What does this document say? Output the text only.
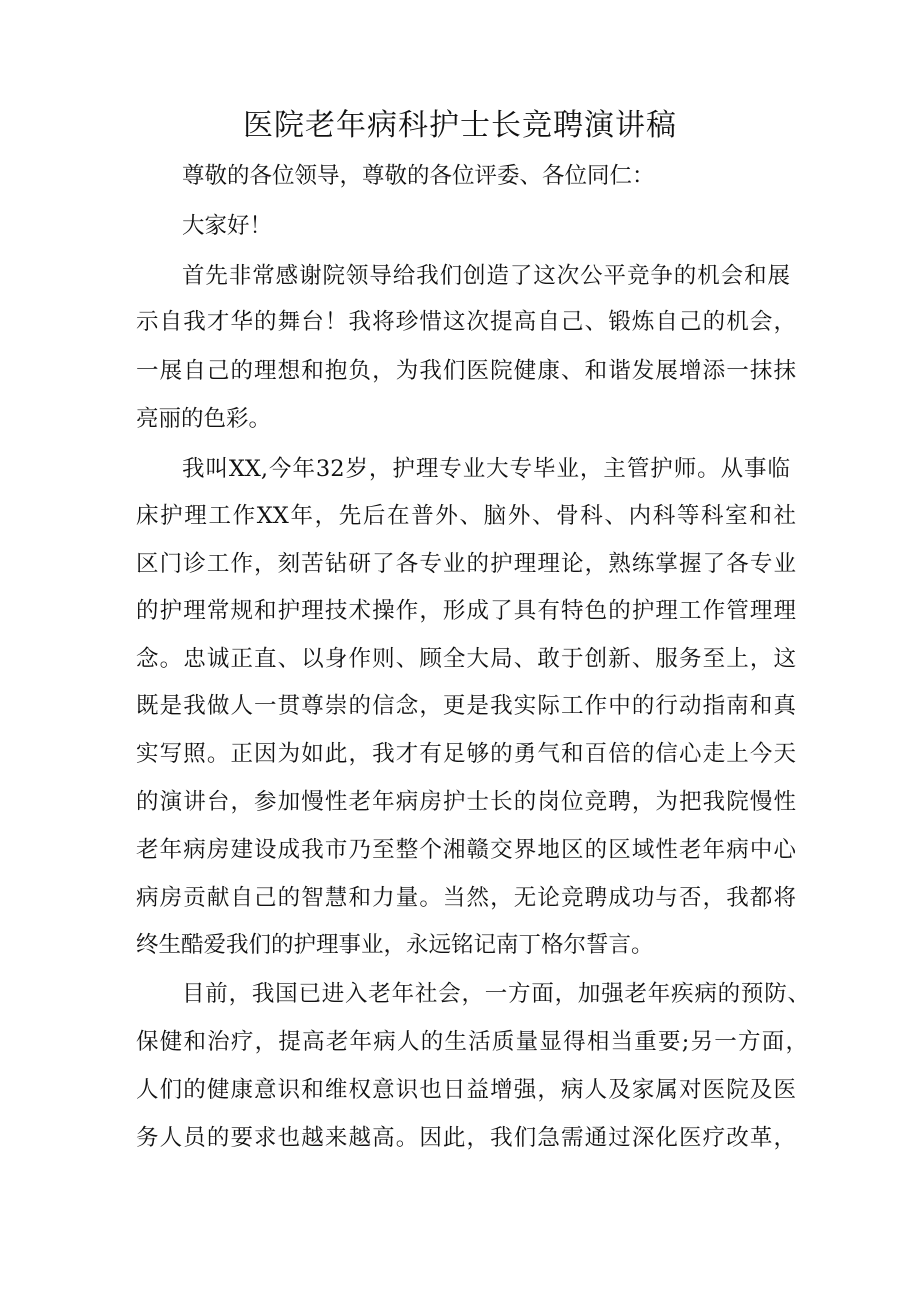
医院老年病科护士长竞聘演讲稿

尊敬的各位领导，尊敬的各位评委、各位同仁：

大家好！

首先非常感谢院领导给我们创造了这次公平竞争的机会和展

示自我才华的舞台！我将珍惜这次提高自己、锻炼自己的机会，

一展自己的理想和抱负，为我们医院健康、和谐发展增添一抹抹

亮丽的色彩。

我叫XX,今年32岁，护理专业大专毕业，主管护师。从事临

床护理工作XX年，先后在普外、脑外、骨科、内科等科室和社

区门诊工作，刻苦钻研了各专业的护理理论，熟练掌握了各专业

的护理常规和护理技术操作，形成了具有特色的护理工作管理理

念。忠诚正直、以身作则、顾全大局、敢于创新、服务至上，这

既是我做人一贯尊崇的信念，更是我实际工作中的行动指南和真

实写照。正因为如此，我才有足够的勇气和百倍的信心走上今天

的演讲台，参加慢性老年病房护士长的岗位竞聘，为把我院慢性

老年病房建设成我市乃至整个湘赣交界地区的区域性老年病中心

病房贡献自己的智慧和力量。当然，无论竞聘成功与否，我都将

终生酷爱我们的护理事业，永远铭记南丁格尔誓言。

目前，我国已进入老年社会，一方面，加强老年疾病的预防、

保健和治疗，提高老年病人的生活质量显得相当重要;另一方面，

人们的健康意识和维权意识也日益增强，病人及家属对医院及医

务人员的要求也越来越高。因此，我们急需通过深化医疗改革，
